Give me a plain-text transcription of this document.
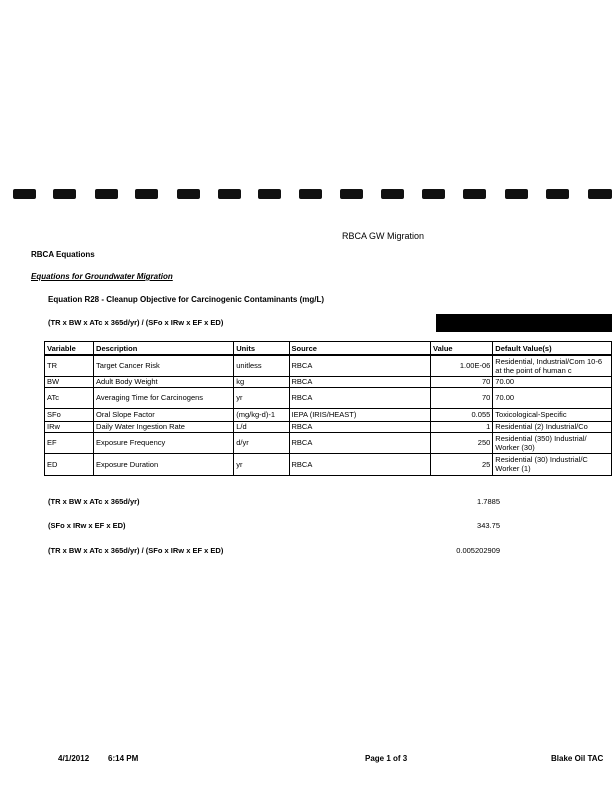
RBCA GW Migration
RBCA Equations
Equations for Groundwater Migration
Equation R28 - Cleanup Objective for Carcinogenic Contaminants (mg/L)
(TR x BW x ATc x 365d/yr) / (SFo x IRw x EF x ED)
Variable	Description	Units	Source	Value	Default Value(s)
TR	Target Cancer Risk	unitless	RBCA	1.00E-06	Residential, Industrial/Com 10-6 at the point of human c
BW	Adult Body Weight	kg	RBCA	70	70.00
ATc	Averaging Time for Carcinogens	yr	RBCA	70	70.00
SFo	Oral Slope Factor	(mg/kg-d)-1	IEPA (IRIS/HEAST)	0.055	Toxicological-Specific
IRw	Daily Water Ingestion Rate	L/d	RBCA	1	Residential (2) Industrial/Co
EF	Exposure Frequency	d/yr	RBCA	250	Residential (350) Industrial/ Worker (30)
ED	Exposure Duration	yr	RBCA	25	Residential (30) Industrial/C Worker (1)
(TR x BW x ATc x 365d/yr)	1.7885
(SFo x IRw x EF x ED)	343.75
(TR x BW x ATc x 365d/yr) / (SFo x IRw x EF x ED)	0.005202909
4/1/2012 6:14 PM	Page 1 of 3	Blake Oil TAC
